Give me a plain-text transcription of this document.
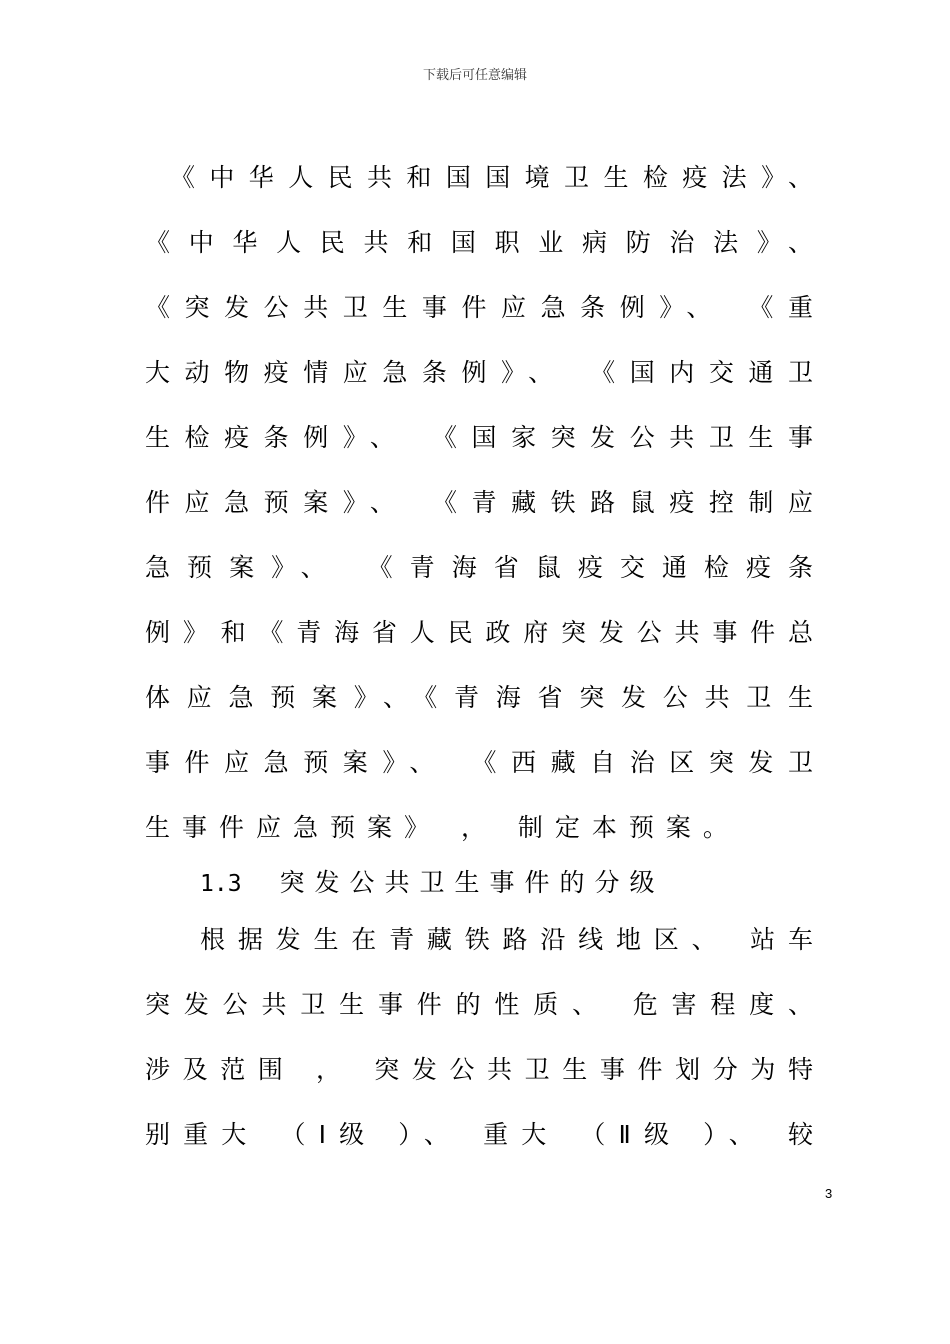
下载后可任意编辑
《中华人民共和国国境卫生检疫法》、
《中华人民共和国职业病防治法》、
《突发公共卫生事件应急条例》、 《重
大动物疫情应急条例》、 《国内交通卫
生检疫条例》、 《国家突发公共卫生事
件应急预案》、 《青藏铁路鼠疫控制应
急预案》、 《青海省鼠疫交通检疫条
例》和《青海省人民政府突发公共事件总
体应急预案》、《青海省突发公共卫生
事件应急预案》、 《西藏自治区突发卫
生事件应急预案》 ， 制定本预案。
1.3 突发公共卫生事件的分级
根据发生在青藏铁路沿线地区、 站车
突发公共卫生事件的性质、 危害程度、
涉及范围 ， 突发公共卫生事件划分为特
别重大 （Ⅰ级 ）、 重大 （Ⅱ级 ）、 较
3
